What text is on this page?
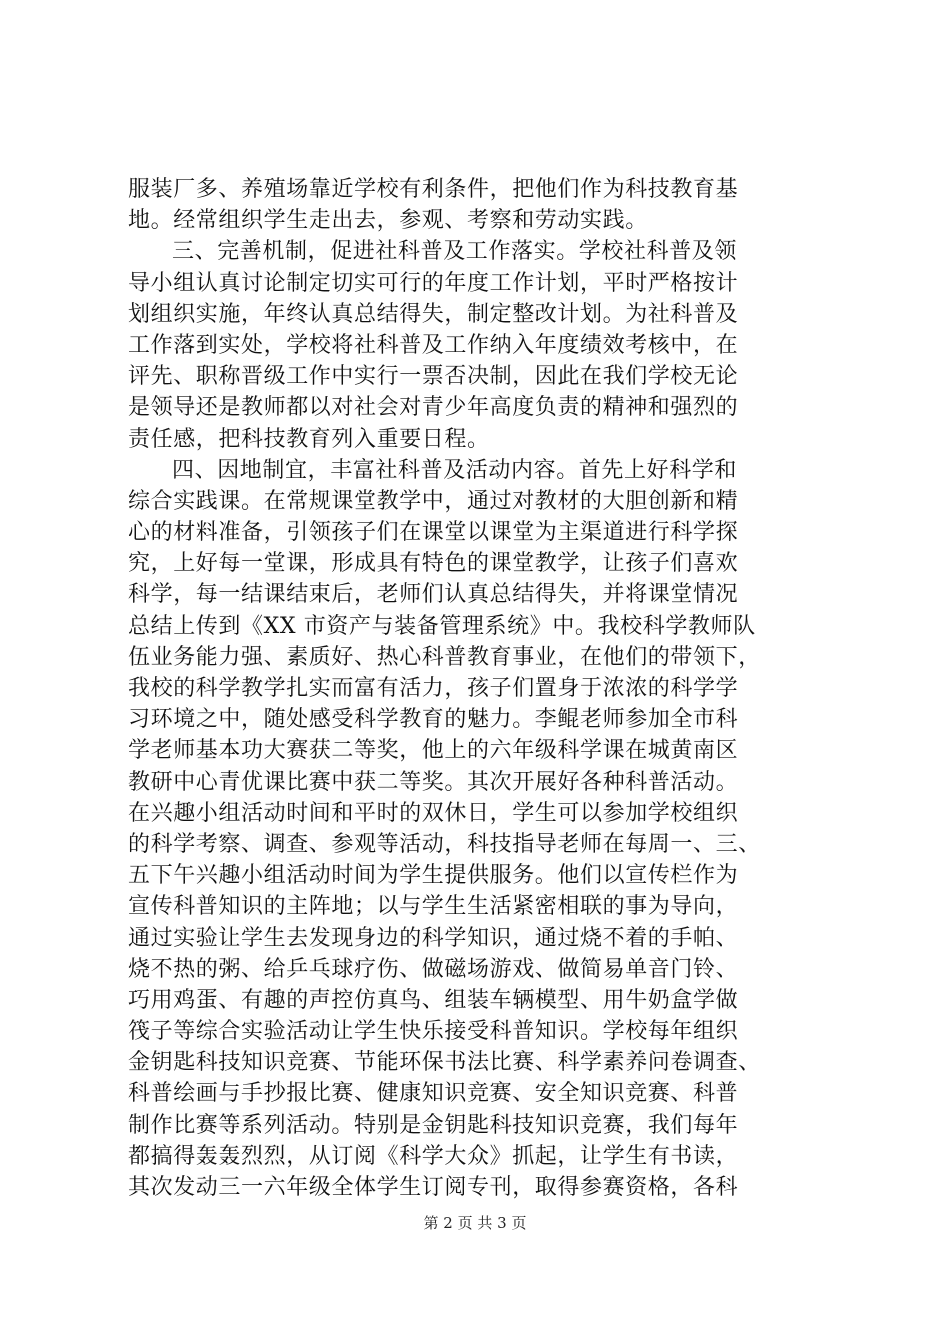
服装厂多、养殖场靠近学校有利条件，把他们作为科技教育基
地。经常组织学生走出去，参观、考察和劳动实践。
三、完善机制，促进社科普及工作落实。学校社科普及领
导小组认真讨论制定切实可行的年度工作计划，平时严格按计
划组织实施，年终认真总结得失，制定整改计划。为社科普及
工作落到实处，学校将社科普及工作纳入年度绩效考核中，在
评先、职称晋级工作中实行一票否决制，因此在我们学校无论
是领导还是教师都以对社会对青少年高度负责的精神和强烈的
责任感，把科技教育列入重要日程。
四、因地制宜，丰富社科普及活动内容。首先上好科学和
综合实践课。在常规课堂教学中，通过对教材的大胆创新和精
心的材料准备，引领孩子们在课堂以课堂为主渠道进行科学探
究，上好每一堂课，形成具有特色的课堂教学，让孩子们喜欢
科学，每一结课结束后，老师们认真总结得失，并将课堂情况
总结上传到《XX 市资产与装备管理系统》中。我校科学教师队
伍业务能力强、素质好、热心科普教育事业，在他们的带领下，
我校的科学教学扎实而富有活力，孩子们置身于浓浓的科学学
习环境之中，随处感受科学教育的魅力。李鲲老师参加全市科
学老师基本功大赛获二等奖，他上的六年级科学课在城黄南区
教研中心青优课比赛中获二等奖。其次开展好各种科普活动。
在兴趣小组活动时间和平时的双休日，学生可以参加学校组织
的科学考察、调查、参观等活动，科技指导老师在每周一、三、
五下午兴趣小组活动时间为学生提供服务。他们以宣传栏作为
宣传科普知识的主阵地；以与学生生活紧密相联的事为导向，
通过实验让学生去发现身边的科学知识，通过烧不着的手帕、
烧不热的粥、给乒乓球疗伤、做磁场游戏、做简易单音门铃、
巧用鸡蛋、有趣的声控仿真鸟、组装车辆模型、用牛奶盒学做
筏子等综合实验活动让学生快乐接受科普知识。学校每年组织
金钥匙科技知识竞赛、节能环保书法比赛、科学素养问卷调查、
科普绘画与手抄报比赛、健康知识竞赛、安全知识竞赛、科普
制作比赛等系列活动。特别是金钥匙科技知识竞赛，我们每年
都搞得轰轰烈烈，从订阅《科学大众》抓起，让学生有书读，
其次发动三一六年级全体学生订阅专刊，取得参赛资格，各科
第 2 页 共 3 页
